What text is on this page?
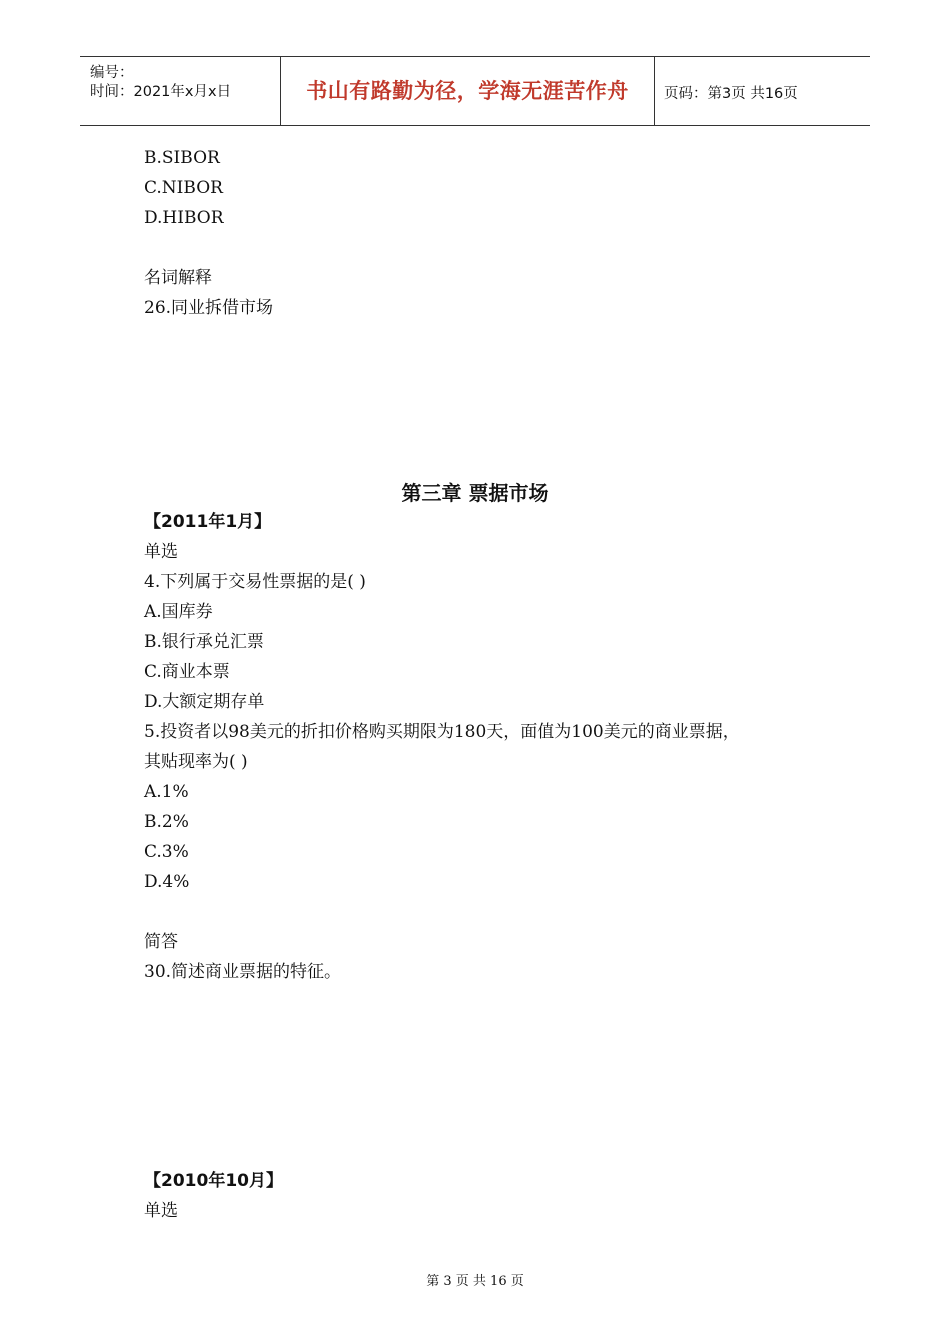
编号：
时间：2021年x月x日	书山有路勤为径，学海无涯苦作舟	页码：第3页 共16页
B.SIBOR
C.NIBOR
D.HIBOR
名词解释
26.同业拆借市场
第三章 票据市场
【2011年1月】
单选
4.下列属于交易性票据的是( )
A.国库券
B.银行承兑汇票
C.商业本票
D.大额定期存单
5.投资者以98美元的折扣价格购买期限为180天，面值为100美元的商业票据，
其贴现率为( )
A.1%
B.2%
C.3%
D.4%
简答
30.简述商业票据的特征。
【2010年10月】
单选
第 3 页 共 16 页
